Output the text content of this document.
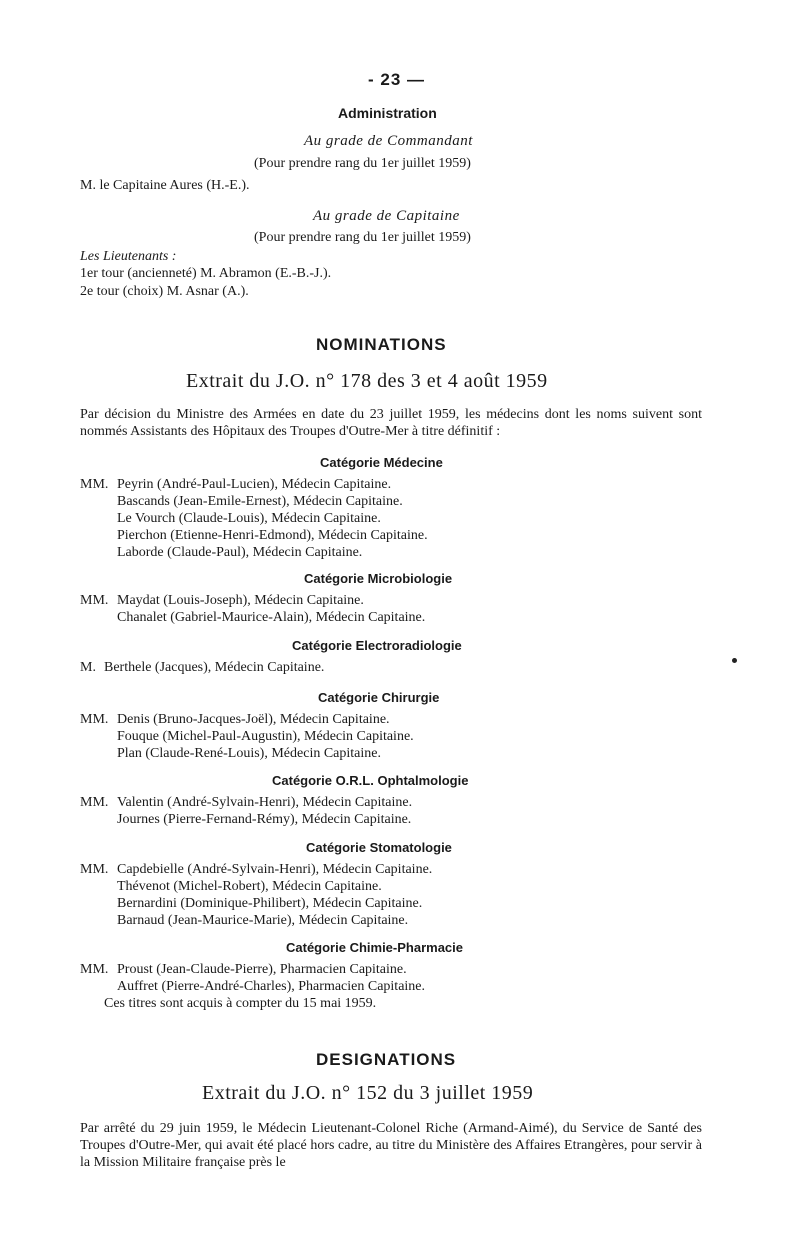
- 23 —
Administration
Au grade de Commandant
(Pour prendre rang du 1er juillet 1959)
M. le Capitaine Aures (H.-E.).
Au grade de Capitaine
(Pour prendre rang du 1er juillet 1959)
Les Lieutenants :
1er tour (ancienneté) M. Abramon (E.-B.-J.).
2e tour (choix) M. Asnar (A.).
NOMINATIONS
Extrait du J.O. n° 178 des 3 et 4 août 1959
Par décision du Ministre des Armées en date du 23 juillet 1959, les médecins dont les noms suivent sont nommés Assistants des Hôpitaux des Troupes d'Outre-Mer à titre définitif :
Catégorie Médecine
MM. Peyrin (André-Paul-Lucien), Médecin Capitaine.
Bascands (Jean-Emile-Ernest), Médecin Capitaine.
Le Vourch (Claude-Louis), Médecin Capitaine.
Pierchon (Etienne-Henri-Edmond), Médecin Capitaine.
Laborde (Claude-Paul), Médecin Capitaine.
Catégorie Microbiologie
MM. Maydat (Louis-Joseph), Médecin Capitaine.
Chanalet (Gabriel-Maurice-Alain), Médecin Capitaine.
Catégorie Electroradiologie
M. Berthele (Jacques), Médecin Capitaine.
Catégorie Chirurgie
MM. Denis (Bruno-Jacques-Joël), Médecin Capitaine.
Fouque (Michel-Paul-Augustin), Médecin Capitaine.
Plan (Claude-René-Louis), Médecin Capitaine.
Catégorie O.R.L. Ophtalmologie
MM. Valentin (André-Sylvain-Henri), Médecin Capitaine.
Journes (Pierre-Fernand-Rémy), Médecin Capitaine.
Catégorie Stomatologie
MM. Capdebielle (André-Sylvain-Henri), Médecin Capitaine.
Thévenot (Michel-Robert), Médecin Capitaine.
Bernardini (Dominique-Philibert), Médecin Capitaine.
Barnaud (Jean-Maurice-Marie), Médecin Capitaine.
Catégorie Chimie-Pharmacie
MM. Proust (Jean-Claude-Pierre), Pharmacien Capitaine.
Auffret (Pierre-André-Charles), Pharmacien Capitaine.
Ces titres sont acquis à compter du 15 mai 1959.
DESIGNATIONS
Extrait du J.O. n° 152 du 3 juillet 1959
Par arrêté du 29 juin 1959, le Médecin Lieutenant-Colonel Riche (Armand-Aimé), du Service de Santé des Troupes d'Outre-Mer, qui avait été placé hors cadre, au titre du Ministère des Affaires Etrangères, pour servir à la Mission Militaire française près le
